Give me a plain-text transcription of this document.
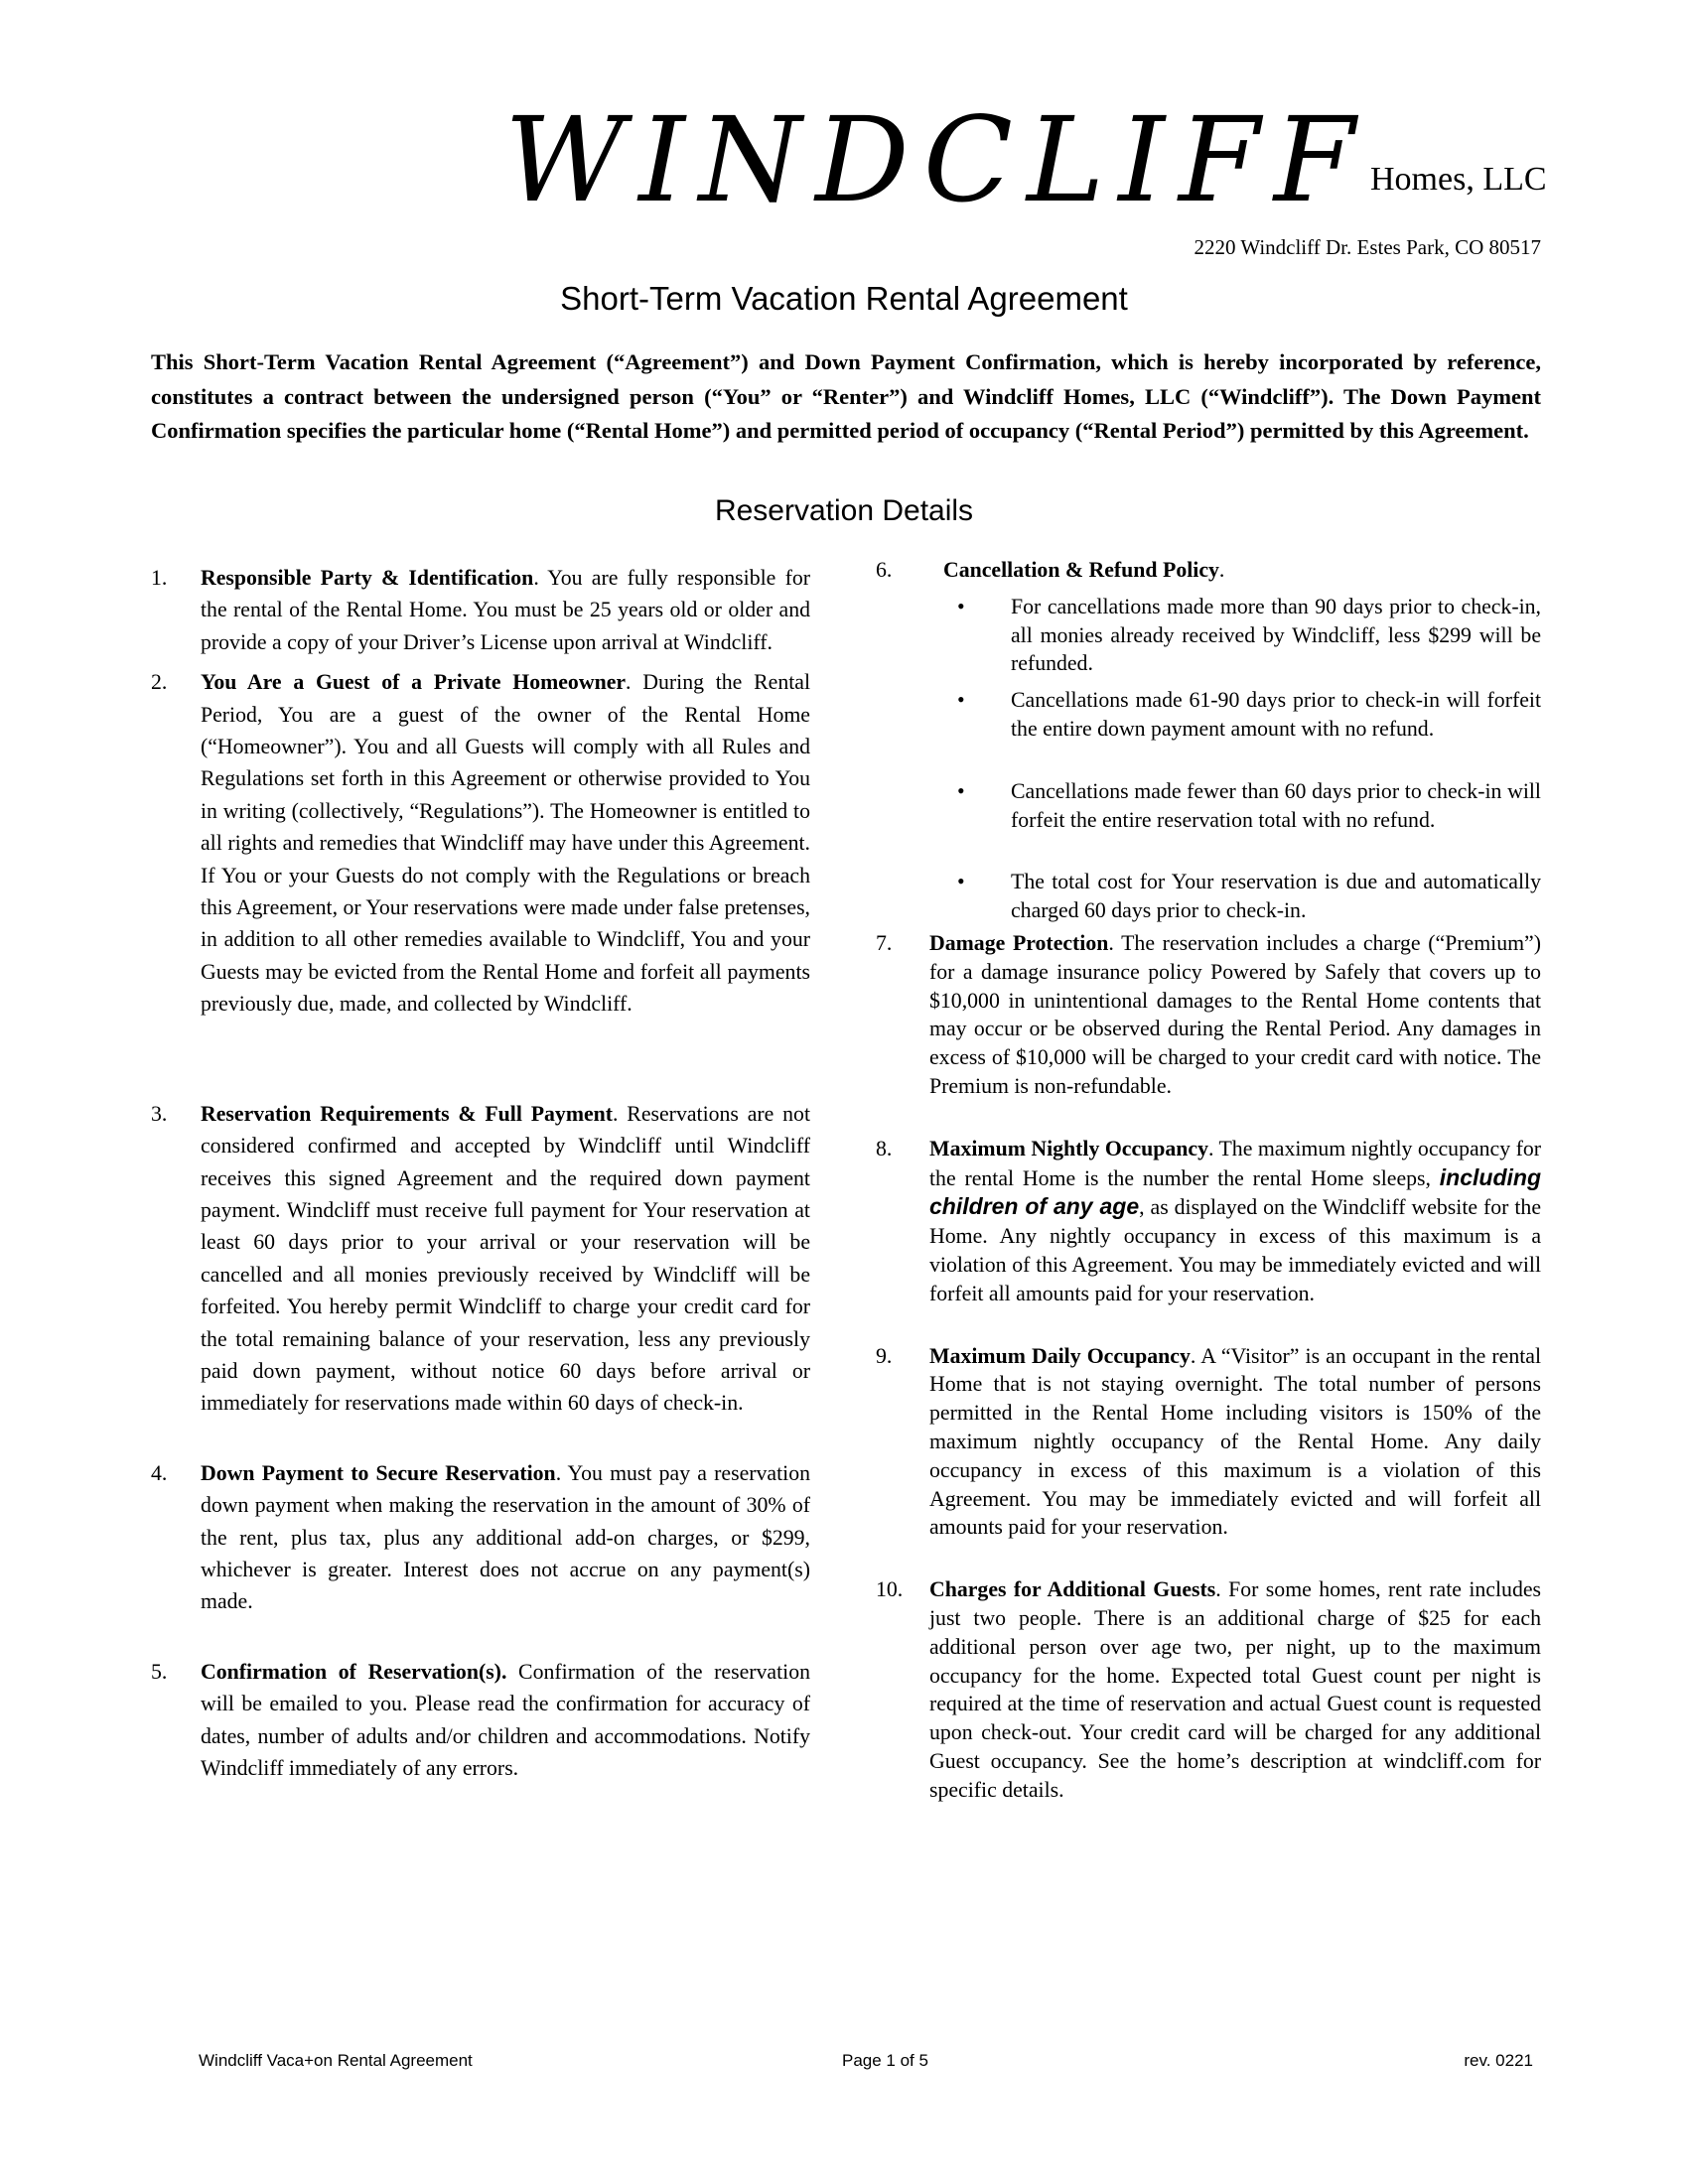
WINDCLIFF Homes, LLC
2220 Windcliff Dr. Estes Park, CO 80517
Short-Term Vacation Rental Agreement
This Short-Term Vacation Rental Agreement (“Agreement”) and Down Payment Confirmation, which is hereby incorporated by reference, constitutes a contract between the undersigned person (“You” or “Renter”) and Windcliff Homes, LLC (“Windcliff”). The Down Payment Confirmation specifies the particular home (“Rental Home”) and permitted period of occupancy (“Rental Period”) permitted by this Agreement.
Reservation Details
1. Responsible Party & Identification. You are fully responsible for the rental of the Rental Home. You must be 25 years old or older and provide a copy of your Driver’s License upon arrival at Windcliff.
2. You Are a Guest of a Private Homeowner. During the Rental Period, You are a guest of the owner of the Rental Home (“Homeowner”). You and all Guests will comply with all Rules and Regulations set forth in this Agreement or otherwise provided to You in writing (collectively, “Regulations”). The Homeowner is entitled to all rights and remedies that Windcliff may have under this Agreement. If You or your Guests do not comply with the Regulations or breach this Agreement, or Your reservations were made under false pretenses, in addition to all other remedies available to Windcliff, You and your Guests may be evicted from the Rental Home and forfeit all payments previously due, made, and collected by Windcliff.
3. Reservation Requirements & Full Payment. Reservations are not considered confirmed and accepted by Windcliff until Windcliff receives this signed Agreement and the required down payment payment. Windcliff must receive full payment for Your reservation at least 60 days prior to your arrival or your reservation will be cancelled and all monies previously received by Windcliff will be forfeited. You hereby permit Windcliff to charge your credit card for the total remaining balance of your reservation, less any previously paid down payment, without notice 60 days before arrival or immediately for reservations made within 60 days of check-in.
4. Down Payment to Secure Reservation. You must pay a reservation down payment when making the reservation in the amount of 30% of the rent, plus tax, plus any additional add-on charges, or $299, whichever is greater. Interest does not accrue on any payment(s) made.
5. Confirmation of Reservation(s). Confirmation of the reservation will be emailed to you. Please read the confirmation for accuracy of dates, number of adults and/or children and accommodations. Notify Windcliff immediately of any errors.
6. Cancellation & Refund Policy.
• For cancellations made more than 90 days prior to check-in, all monies already received by Windcliff, less $299 will be refunded.
• Cancellations made 61-90 days prior to check-in will forfeit the entire down payment amount with no refund.
• Cancellations made fewer than 60 days prior to check-in will forfeit the entire reservation total with no refund.
• The total cost for Your reservation is due and automatically charged 60 days prior to check-in.
7. Damage Protection. The reservation includes a charge (“Premium”) for a damage insurance policy Powered by Safely that covers up to $10,000 in unintentional damages to the Rental Home contents that may occur or be observed during the Rental Period. Any damages in excess of $10,000 will be charged to your credit card with notice. The Premium is non-refundable.
8. Maximum Nightly Occupancy. The maximum nightly occupancy for the rental Home is the number the rental Home sleeps, including children of any age, as displayed on the Windcliff website for the Home. Any nightly occupancy in excess of this maximum is a violation of this Agreement. You may be immediately evicted and will forfeit all amounts paid for your reservation.
9. Maximum Daily Occupancy. A “Visitor” is an occupant in the rental Home that is not staying overnight. The total number of persons permitted in the Rental Home including visitors is 150% of the maximum nightly occupancy of the Rental Home. Any daily occupancy in excess of this maximum is a violation of this Agreement. You may be immediately evicted and will forfeit all amounts paid for your reservation.
10. Charges for Additional Guests. For some homes, rent rate includes just two people. There is an additional charge of $25 for each additional person over age two, per night, up to the maximum occupancy for the home. Expected total Guest count per night is required at the time of reservation and actual Guest count is requested upon check-out. Your credit card will be charged for any additional Guest occupancy. See the home’s description at windcliff.com for specific details.
Windcliff Vaca+on Rental Agreement	Page 1 of 5	rev. 0221
